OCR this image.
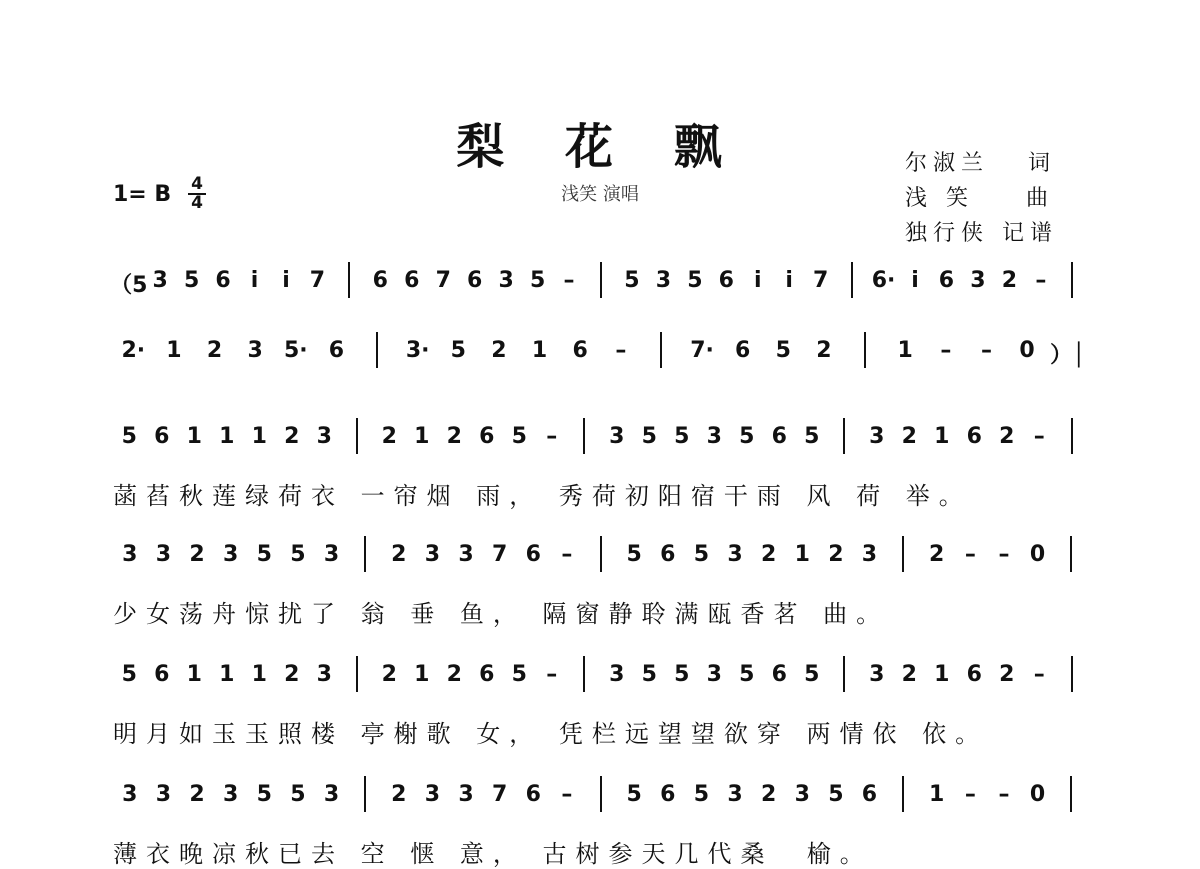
梨 花 飘
浅笑 演唱
尔淑兰   词
浅 笑    曲
独行侠 记谱
1= B 4
4
（5 3 5 6 i i 7 6 6 7 6 3 5 – 5 3 5 6 i i 7 6· i 6 3 2 –
2· 1 2 3 5· 6	3· 5 2 1 6 –	7· 6 5 2	1 – – 0 ）│
5 6 1 1 1 2 3 2 1 2 6 5 – 3 5 5 3 5 6 5 3 2 1 6 2 –
菡萏秋莲绿荷衣 一帘烟 雨， 秀荷初阳宿干雨 风 荷 举。
3 3 2 3 5 5 3 2 3 3 7 6 – 5 6 5 3 2 1 2 3 2 – – 0
少女荡舟惊扰了 翁 垂 鱼， 隔窗静聆满瓯香茗 曲。
5 6 1 1 1 2 3 2 1 2 6 5 – 3 5 5 3 5 6 5 3 2 1 6 2 –
明月如玉玉照楼 亭榭歌 女， 凭栏远望望欲穿 两情依 依。
3 3 2 3 5 5 3 2 3 3 7 6 – 5 6 5 3 2 3 5 6 1 – – 0
薄衣晚凉秋已去 空 惬 意， 古树参天几代桑  榆。
